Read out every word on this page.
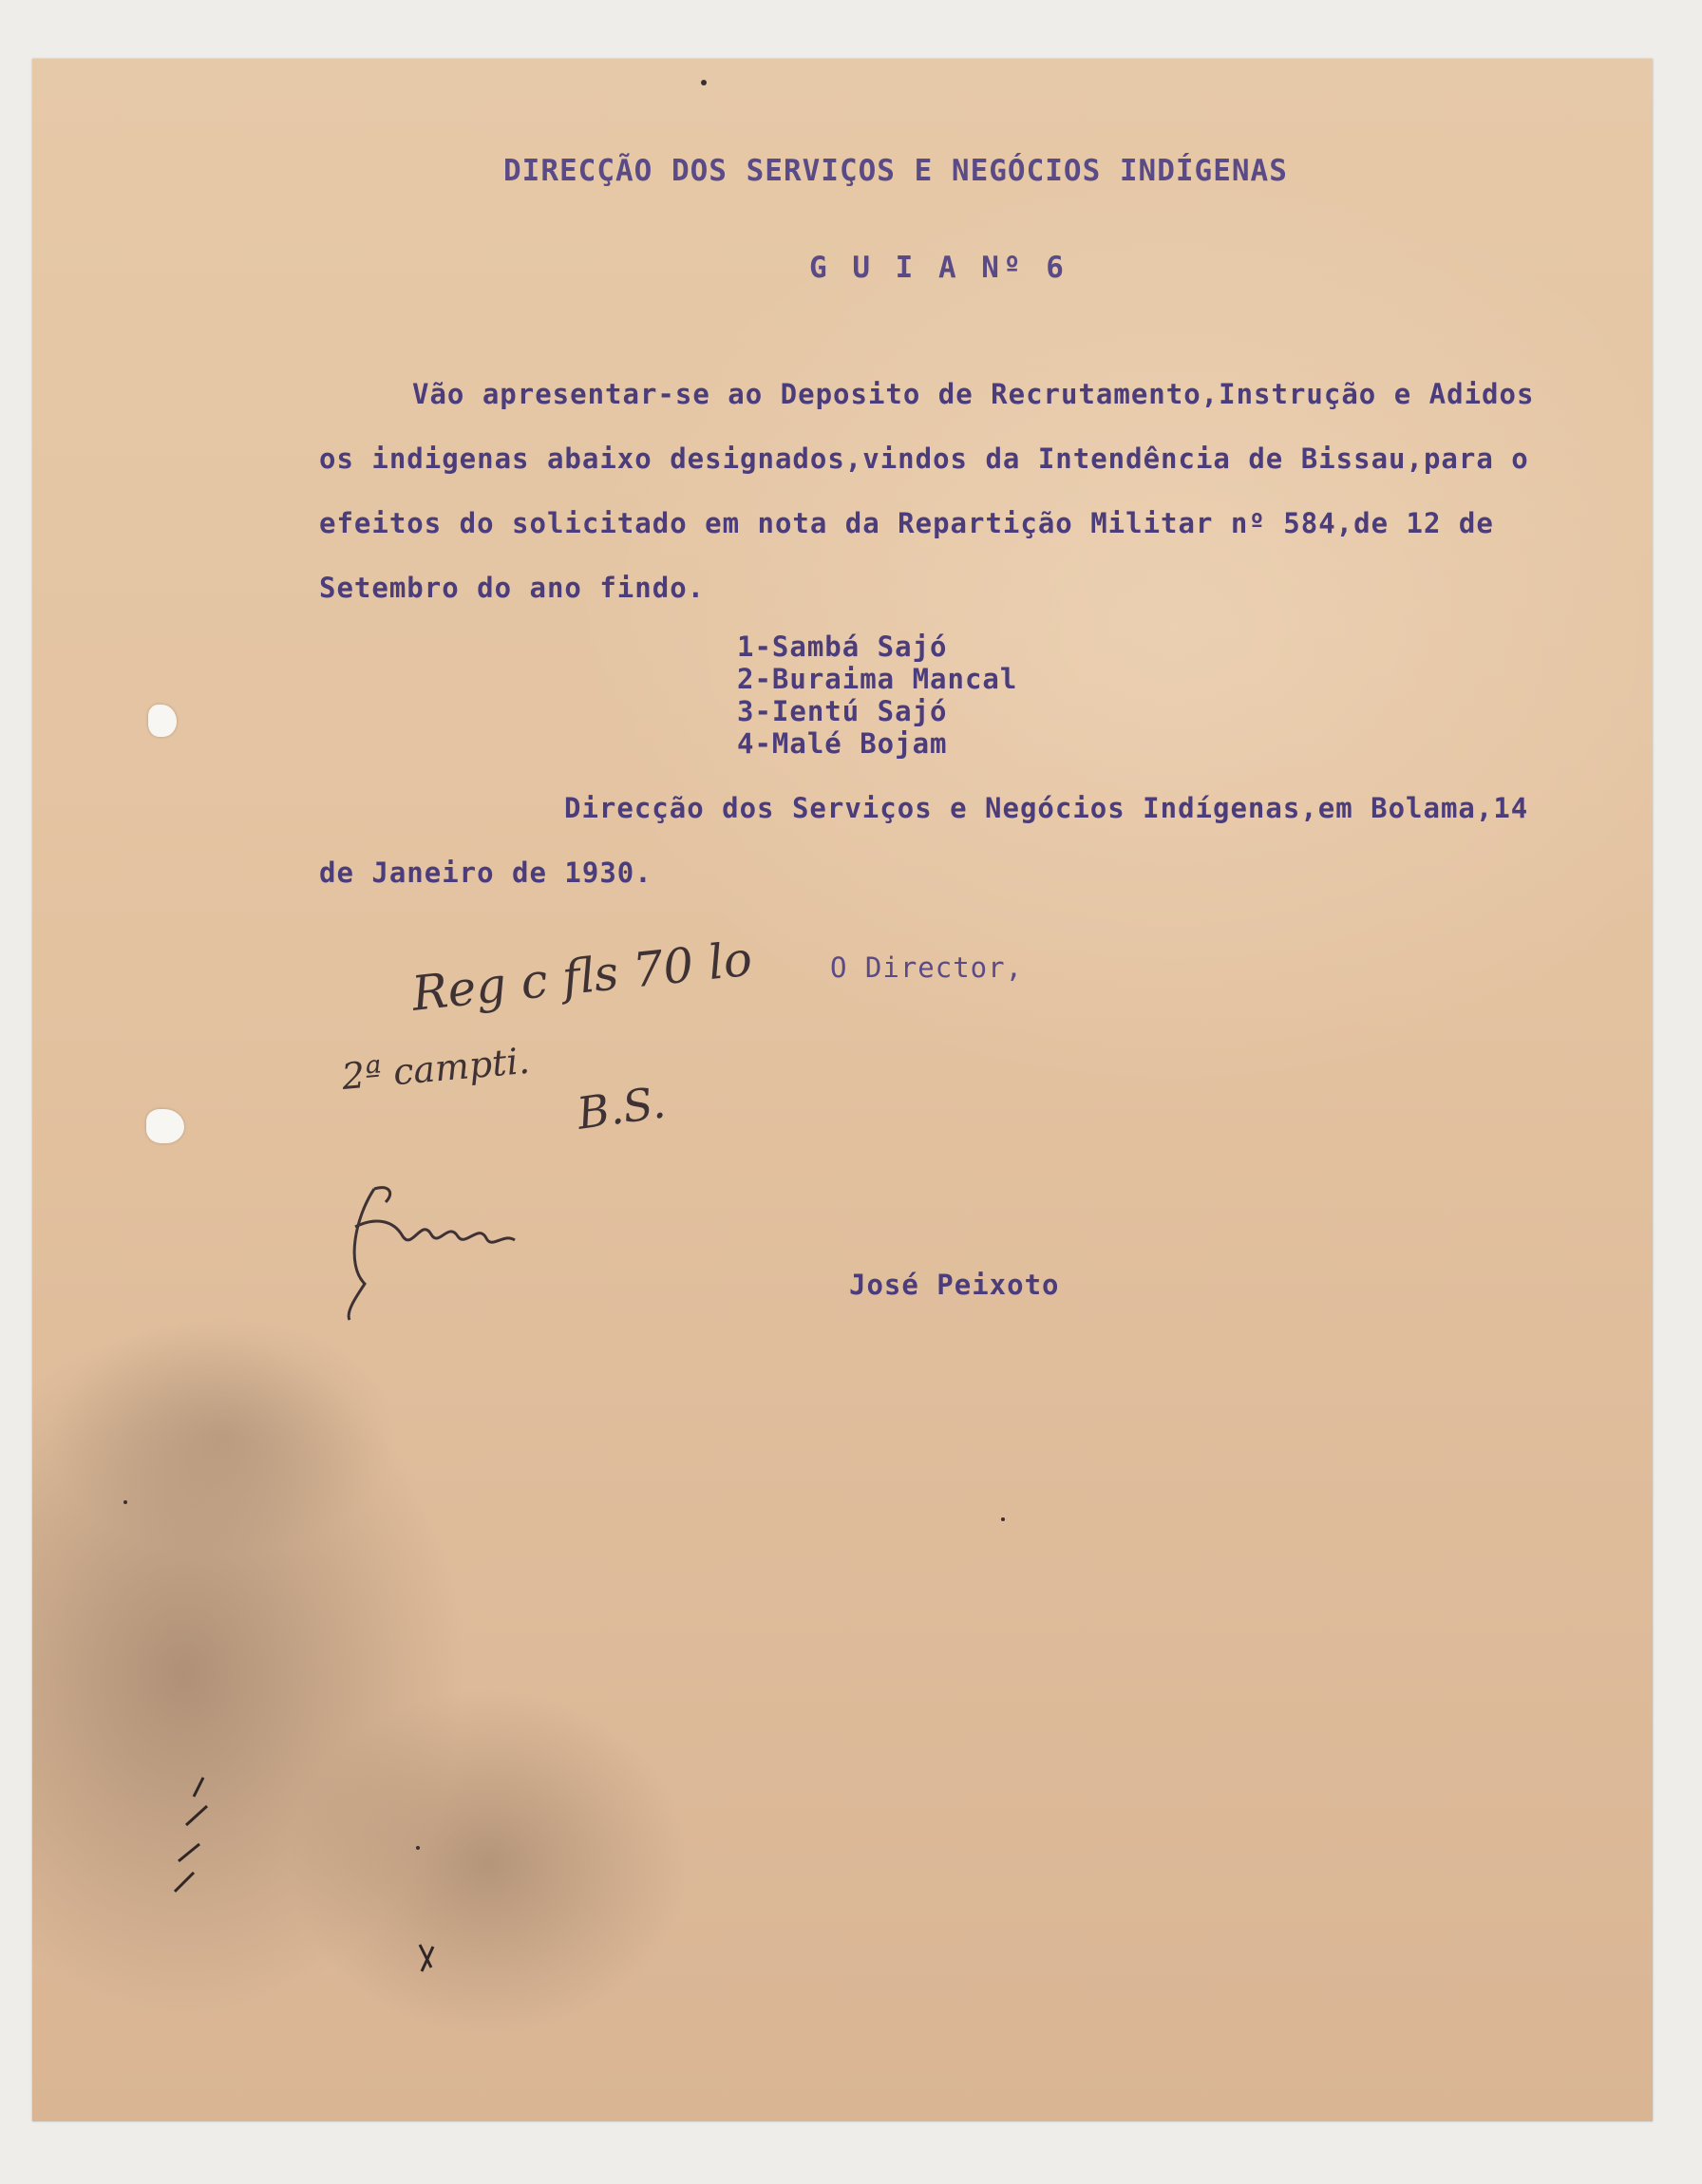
DIRECÇÃO DOS SERVIÇOS E NEGÓCIOS INDÍGENAS
G U I A Nº 6
Vão apresentar-se ao Deposito de Recrutamento,Instrução e Adidos
os indigenas abaixo designados,vindos da Intendência de Bissau,para o
efeitos do solicitado em nota da Repartição Militar nº 584,de 12 de
Setembro do ano findo.
1-Sambá Sajó
2-Buraima Mancal
3-Ientú Sajó
4-Malé Bojam
Direcção dos Serviços e Negócios Indígenas,em Bolama,14
de Janeiro de 1930.
O Director,
Reg c fls 70 lo
2ª campti.
B.S.
José Peixoto
